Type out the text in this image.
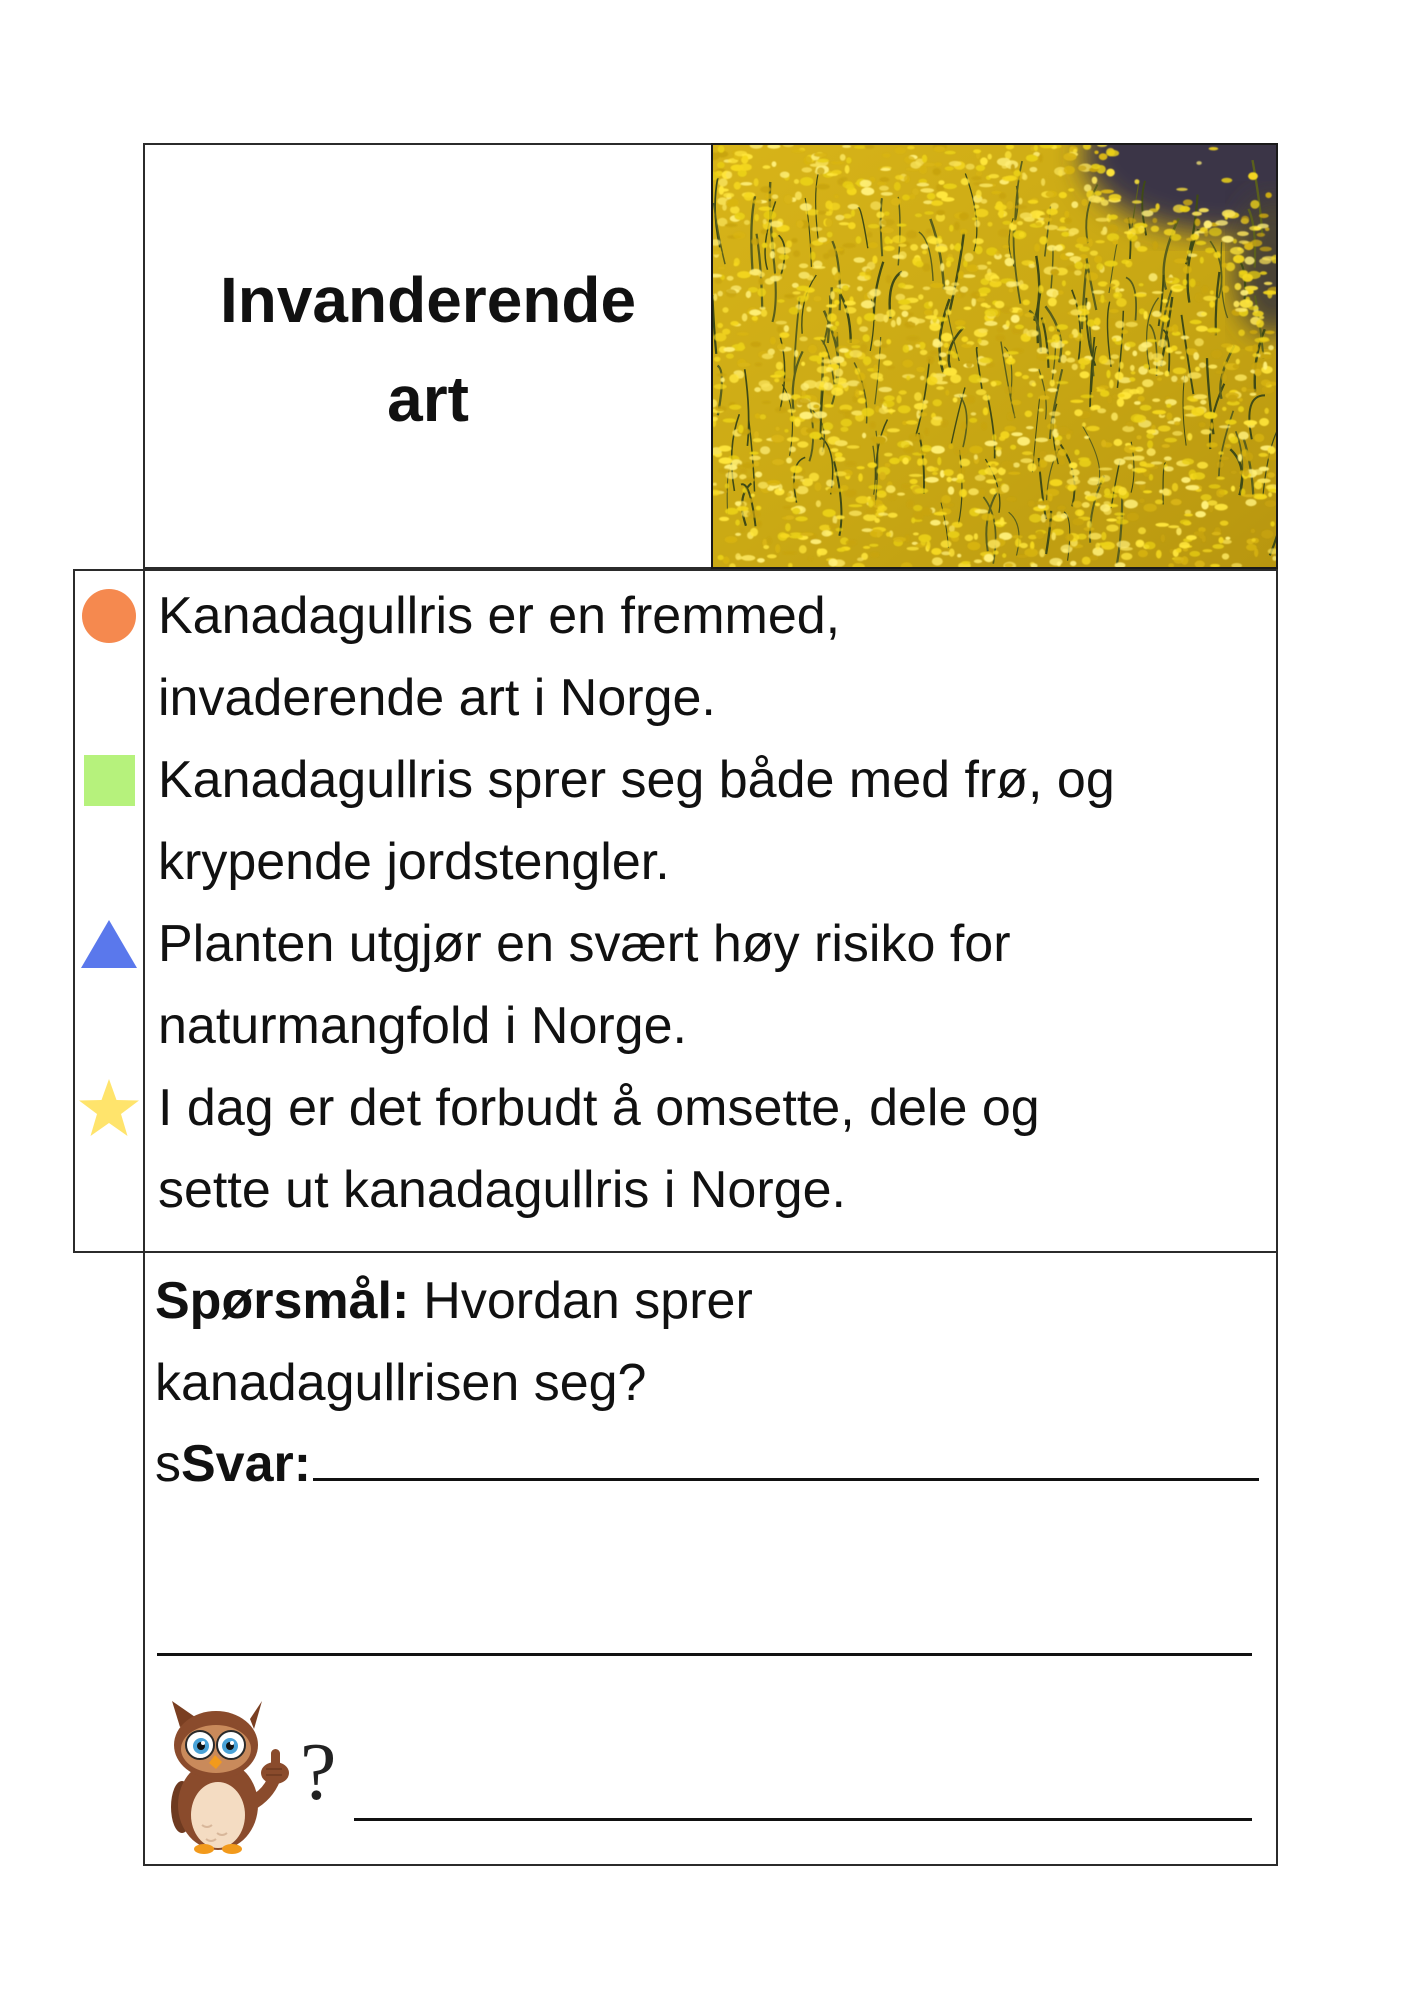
Invanderende
art
Kanadagullris er en fremmed,
invaderende art i Norge.
Kanadagullris sprer seg både med frø, og
krypende jordstengler.
Planten utgjør en svært høy risiko for
naturmangfold i Norge.
I dag er det forbudt å omsette, dele og
sette ut kanadagullris i Norge.
Spørsmål: Hvordan sprer
kanadagullrisen seg?
s Svar:
?
